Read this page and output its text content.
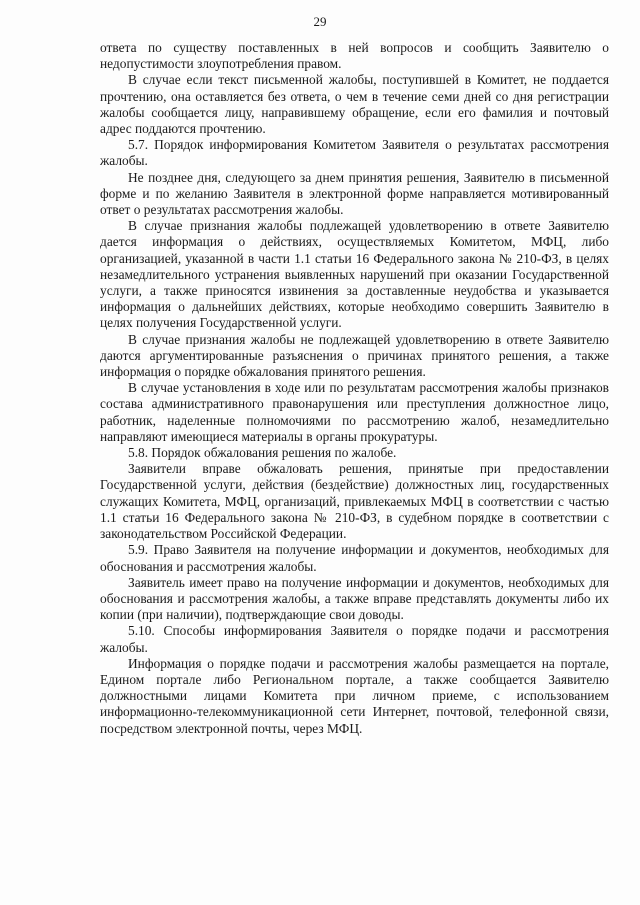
29

ответа по существу поставленных в ней вопросов и сообщить Заявителю о недопустимости злоупотребления правом.

В случае если текст письменной жалобы, поступившей в Комитет, не поддается прочтению, она оставляется без ответа, о чем в течение семи дней со дня регистрации жалобы сообщается лицу, направившему обращение, если его фамилия и почтовый адрес поддаются прочтению.

5.7. Порядок информирования Комитетом Заявителя о результатах рассмотрения жалобы.

Не позднее дня, следующего за днем принятия решения, Заявителю в письменной форме и по желанию Заявителя в электронной форме направляется мотивированный ответ о результатах рассмотрения жалобы.

В случае признания жалобы подлежащей удовлетворению в ответе Заявителю дается информация о действиях, осуществляемых Комитетом, МФЦ, либо организацией, указанной в части 1.1 статьи 16 Федерального закона № 210-ФЗ, в целях незамедлительного устранения выявленных нарушений при оказании Государственной услуги, а также приносятся извинения за доставленные неудобства и указывается информация о дальнейших действиях, которые необходимо совершить Заявителю в целях получения Государственной услуги.

В случае признания жалобы не подлежащей удовлетворению в ответе Заявителю даются аргументированные разъяснения о причинах принятого решения, а также информация о порядке обжалования принятого решения.

В случае установления в ходе или по результатам рассмотрения жалобы признаков состава административного правонарушения или преступления должностное лицо, работник, наделенные полномочиями по рассмотрению жалоб, незамедлительно направляют имеющиеся материалы в органы прокуратуры.

5.8. Порядок обжалования решения по жалобе.

Заявители вправе обжаловать решения, принятые при предоставлении Государственной услуги, действия (бездействие) должностных лиц, государственных служащих Комитета, МФЦ, организаций, привлекаемых МФЦ в соответствии с частью 1.1 статьи 16 Федерального закона № 210-ФЗ, в судебном порядке в соответствии с законодательством Российской Федерации.

5.9. Право Заявителя на получение информации и документов, необходимых для обоснования и рассмотрения жалобы.

Заявитель имеет право на получение информации и документов, необходимых для обоснования и рассмотрения жалобы, а также вправе представлять документы либо их копии (при наличии), подтверждающие свои доводы.

5.10. Способы информирования Заявителя о порядке подачи и рассмотрения жалобы.

Информация о порядке подачи и рассмотрения жалобы размещается на портале, Едином портале либо Региональном портале, а также сообщается Заявителю должностными лицами Комитета при личном приеме, с использованием информационно-телекоммуникационной сети Интернет, почтовой, телефонной связи, посредством электронной почты, через МФЦ.
